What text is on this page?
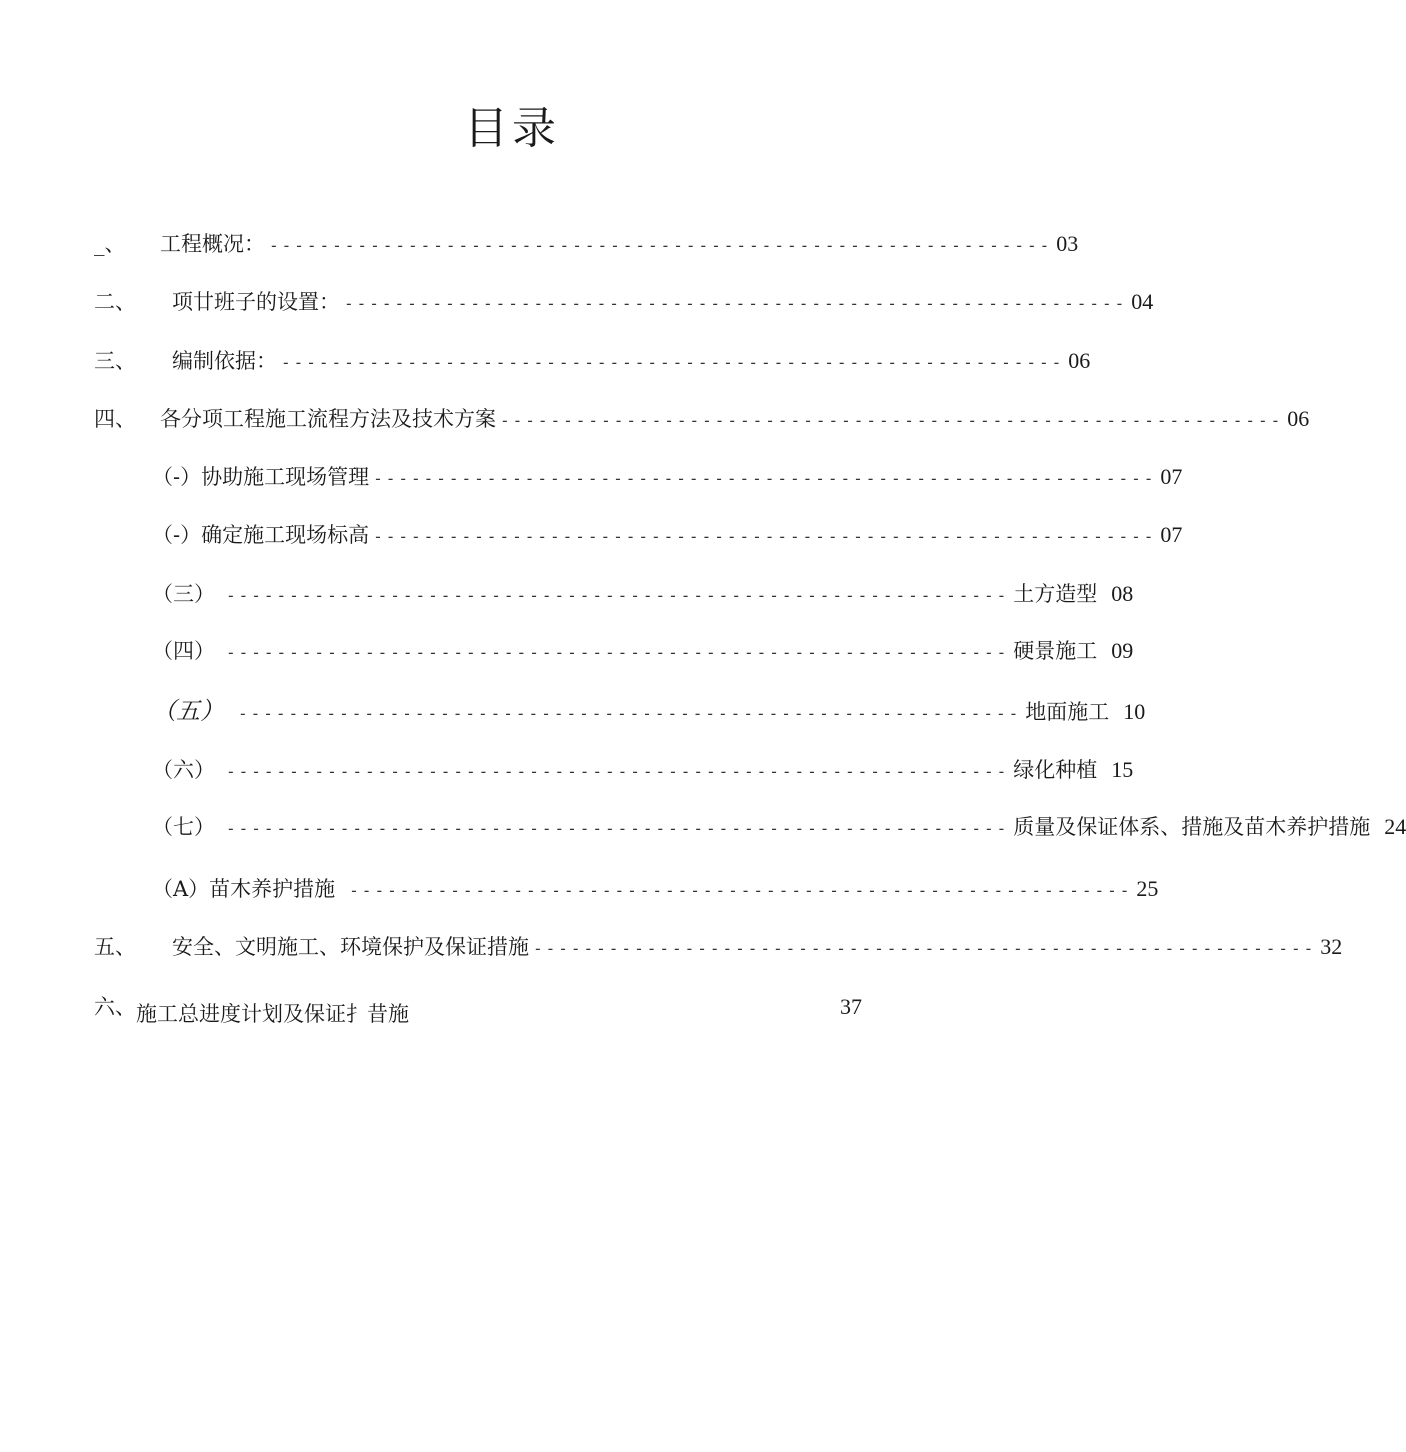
目录
_、	工程概况： -------------------------------------------------------------- 03
二、	项廿班子的设置： -------------------------------------------------------------- 04
三、	编制依据： -------------------------------------------------------------- 06
四、	各分项工程施工流程方法及技术方案 -------------------------------------------------------------- 06
（-） 协助施工现场管理 -------------------------------------------------------------- 07
（-） 确定施工现场标高 -------------------------------------------------------------- 07
（三） -------------------------------------------------------------- 土方造型 08
（四） -------------------------------------------------------------- 硬景施工 09
（五） -------------------------------------------------------------- 地面施工 10
（六） -------------------------------------------------------------- 绿化种植 15
（七） -------------------------------------------------------------- 质量及保证体系、措施及苗木养护措施 24
（A） 苗木养护措施 -------------------------------------------------------------- 25
五、	安全、文明施工、环境保护及保证措施 -------------------------------------------------------------- 32
六、 施工总进度计划及保证扌昔施	37
